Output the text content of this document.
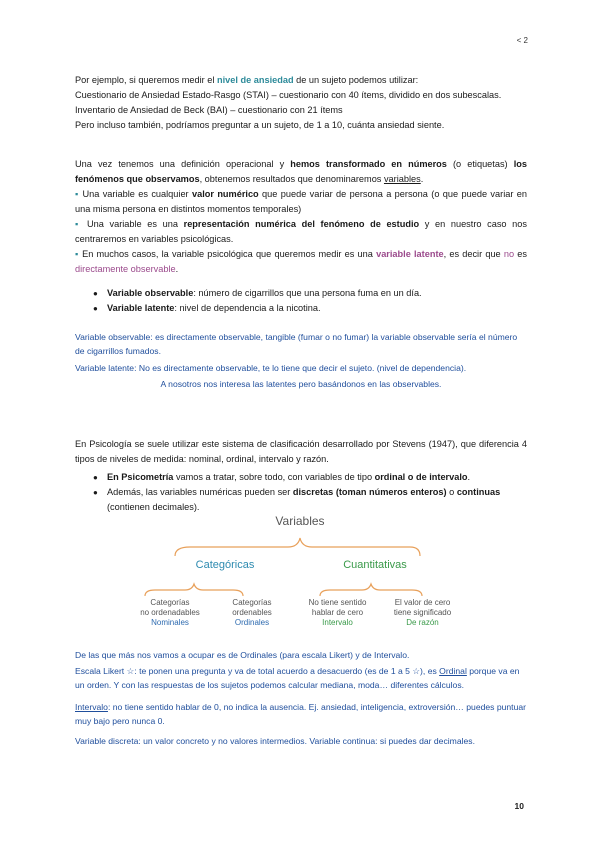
< 2

Por ejemplo, si queremos medir el nivel de ansiedad de un sujeto podemos utilizar:

Cuestionario de Ansiedad Estado-Rasgo (STAI) – cuestionario con 40 ítems, dividido en dos subescalas.

Inventario de Ansiedad de Beck (BAI) – cuestionario con 21 ítems

Pero incluso también, podríamos preguntar a un sujeto, de 1 a 10, cuánta ansiedad siente.

Una vez tenemos una definición operacional y hemos transformado en números (o etiquetas) los fenómenos que observamos, obtenemos resultados que denominaremos variables.

▪ Una variable es cualquier valor numérico que puede variar de persona a persona (o que puede variar en una misma persona en distintos momentos temporales)

▪ Una variable es una representación numérica del fenómeno de estudio y en nuestro caso nos centraremos en variables psicológicas.

▪ En muchos casos, la variable psicológica que queremos medir es una variable latente, es decir que no es directamente observable.

● Variable observable: número de cigarrillos que una persona fuma en un día.
● Variable latente: nivel de dependencia a la nicotina.

Variable observable: es directamente observable, tangible (fumar o no fumar) la variable observable sería el número de cigarrillos fumados.

Variable latente: No es directamente observable, te lo tiene que decir el sujeto. (nivel de dependencia).

A nosotros nos interesa las latentes pero basándonos en las observables.

En Psicología se suele utilizar este sistema de clasificación desarrollado por Stevens (1947), que diferencia 4 tipos de niveles de medida: nominal, ordinal, intervalo y razón.

● En Psicometría vamos a tratar, sobre todo, con variables de tipo ordinal o de intervalo.
● Además, las variables numéricas pueden ser discretas (toman números enteros) o continuas (contienen decimales).
Variables
Categóricas	Cuantitativas
Categorías
no ordenadables
Nominales
Categorías
ordenables
Ordinales
No tiene sentido
hablar de cero
Intervalo
El valor de cero
tiene significado
De razón

De las que más nos vamos a ocupar es de Ordinales (para escala Likert) y de Intervalo.

Escala Likert ☆: te ponen una pregunta y va de total acuerdo a desacuerdo (es de 1 a 5 ☆), es Ordinal porque va en un orden. Y con las respuestas de los sujetos podemos calcular mediana, moda… diferentes cálculos.

Intervalo: no tiene sentido hablar de 0, no indica la ausencia. Ej. ansiedad, inteligencia, extroversión… puedes puntuar muy bajo pero nunca 0.

Variable discreta: un valor concreto y no valores intermedios. Variable continua: si puedes dar decimales.

10
